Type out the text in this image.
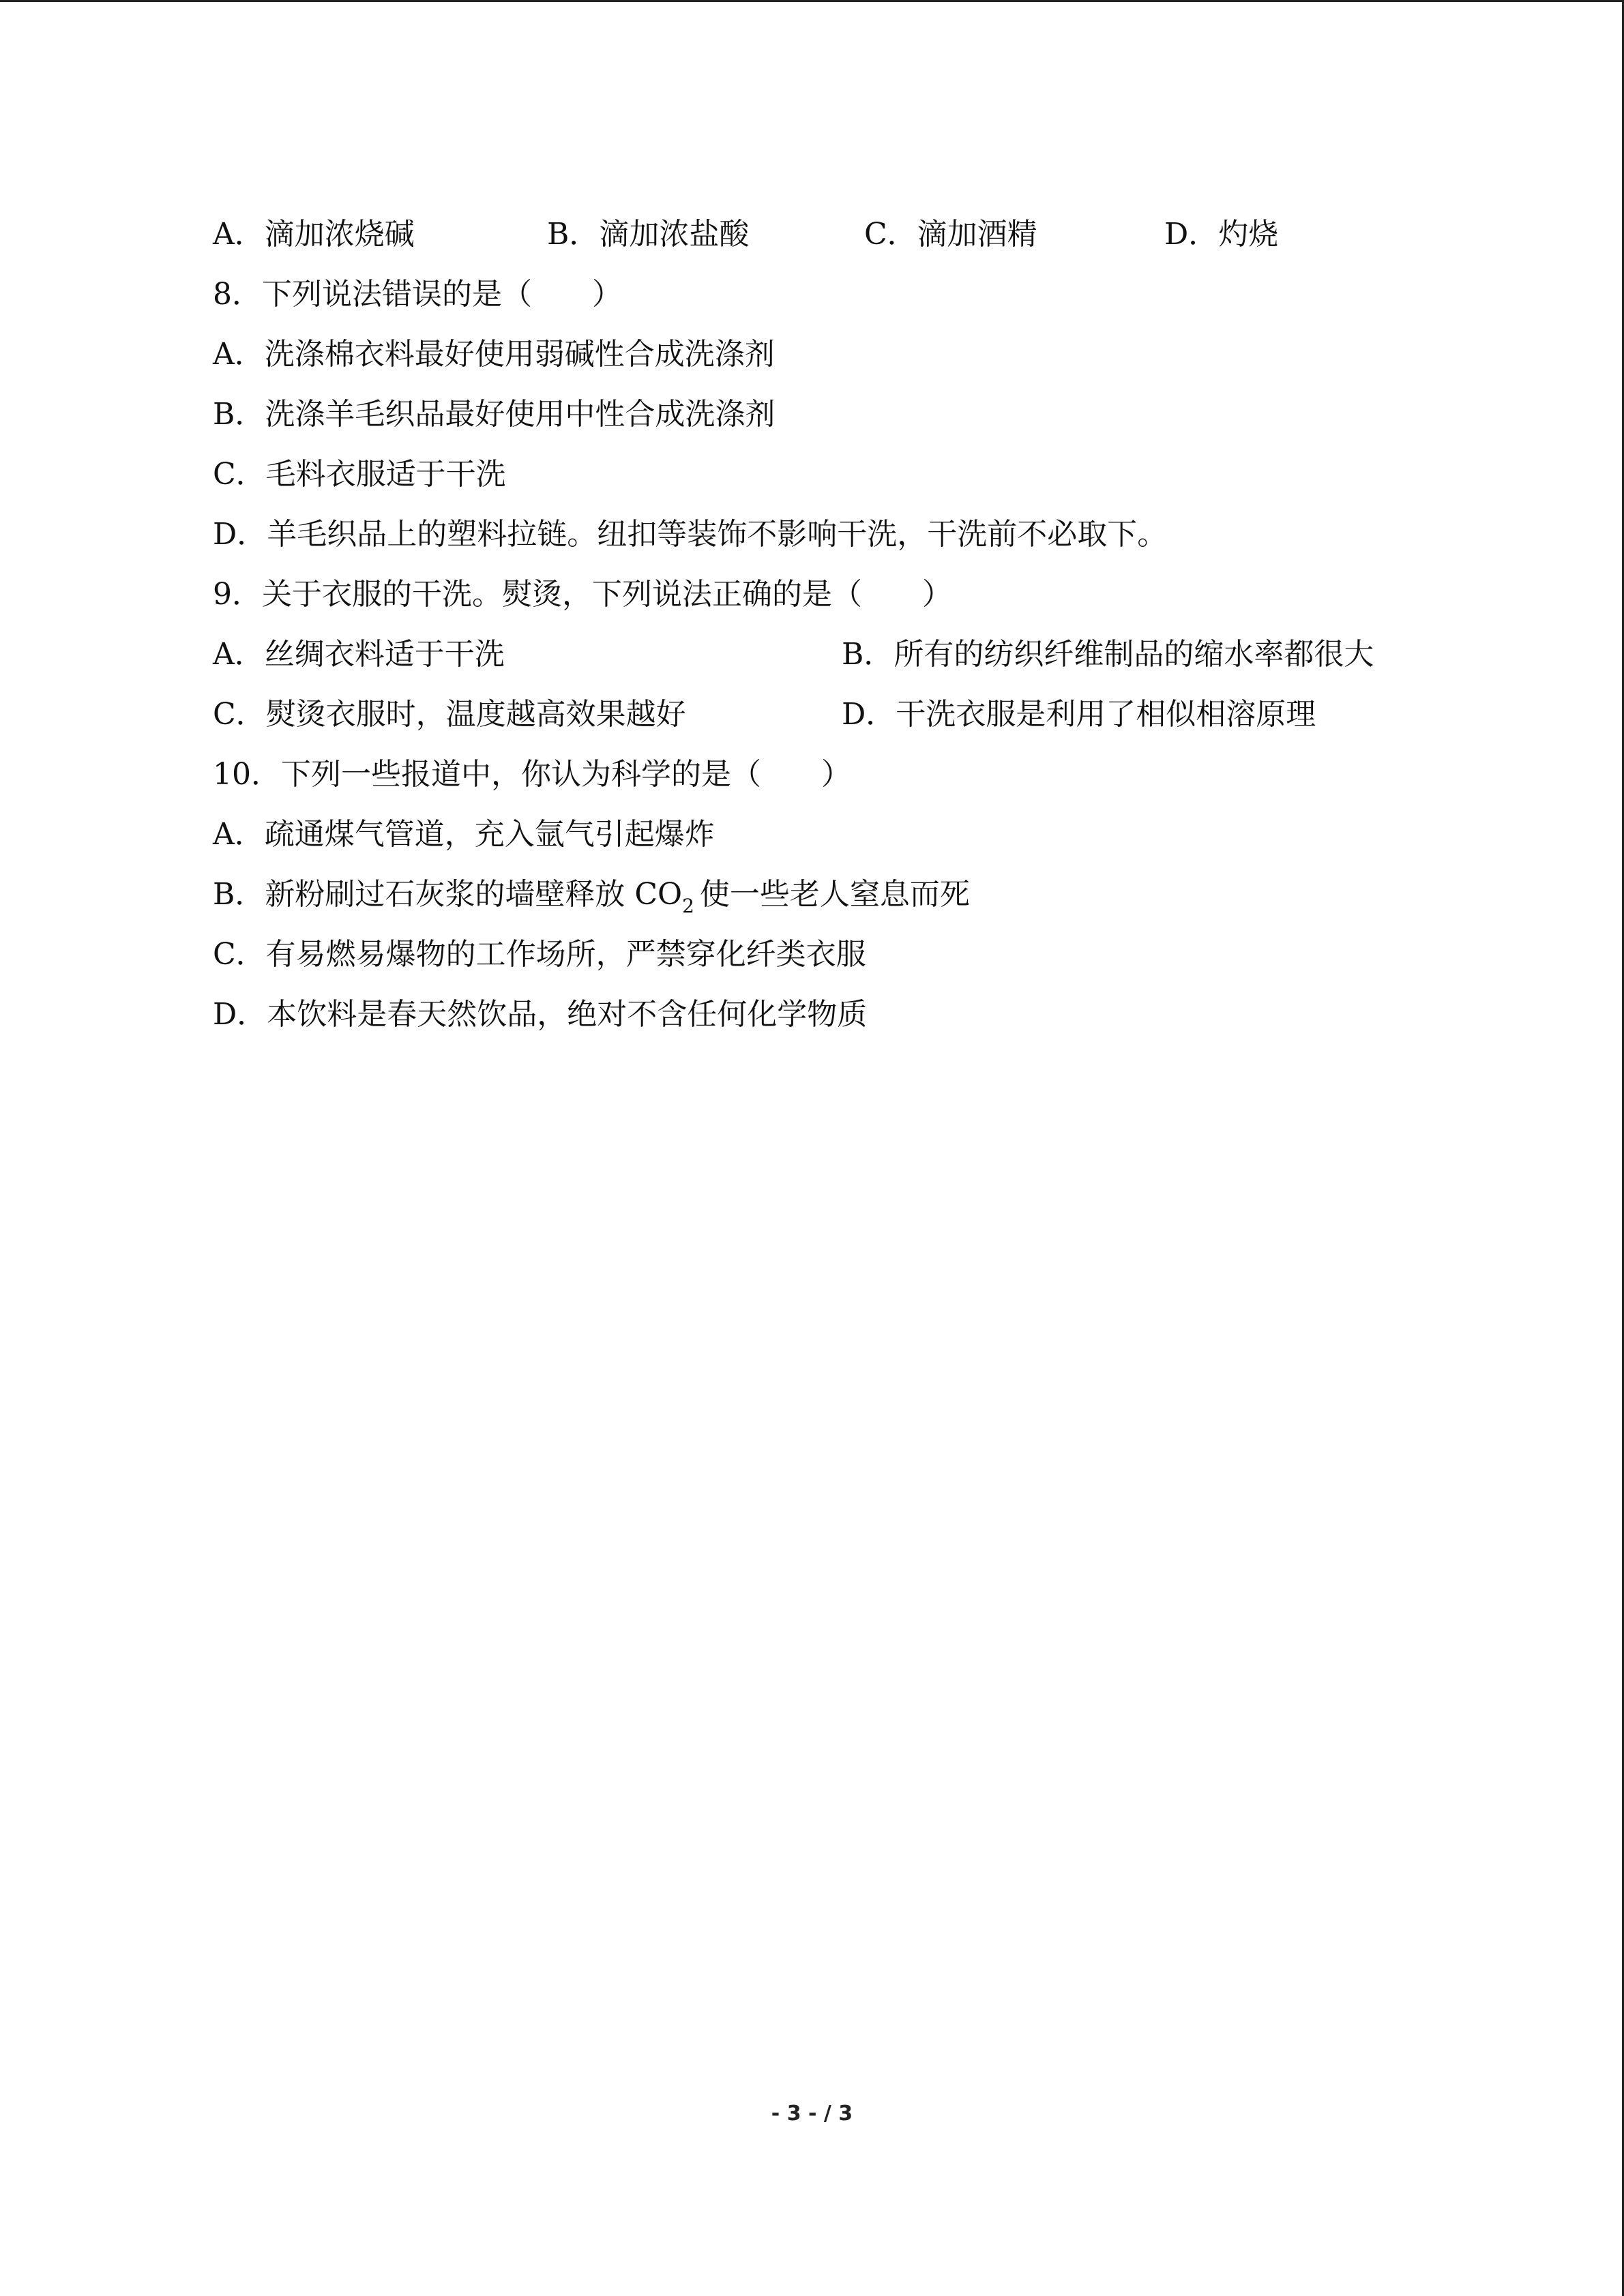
A．滴加浓烧碱	B．滴加浓盐酸	C．滴加酒精	D．灼烧
8．下列说法错误的是（　　）
A．洗涤棉衣料最好使用弱碱性合成洗涤剂
B．洗涤羊毛织品最好使用中性合成洗涤剂
C．毛料衣服适于干洗
D．羊毛织品上的塑料拉链。纽扣等装饰不影响干洗，干洗前不必取下。
9．关于衣服的干洗。熨烫，下列说法正确的是（　　）
A．丝绸衣料适于干洗	B．所有的纺织纤维制品的缩水率都很大
C．熨烫衣服时，温度越高效果越好	D．干洗衣服是利用了相似相溶原理
10．下列一些报道中，你认为科学的是（　　）
A．疏通煤气管道，充入氩气引起爆炸
B．新粉刷过石灰浆的墙壁释放 $CO_2$ 使一些老人窒息而死
C．有易燃易爆物的工作场所，严禁穿化纤类衣服
D．本饮料是春天然饮品，绝对不含任何化学物质
- 3 - / 3
